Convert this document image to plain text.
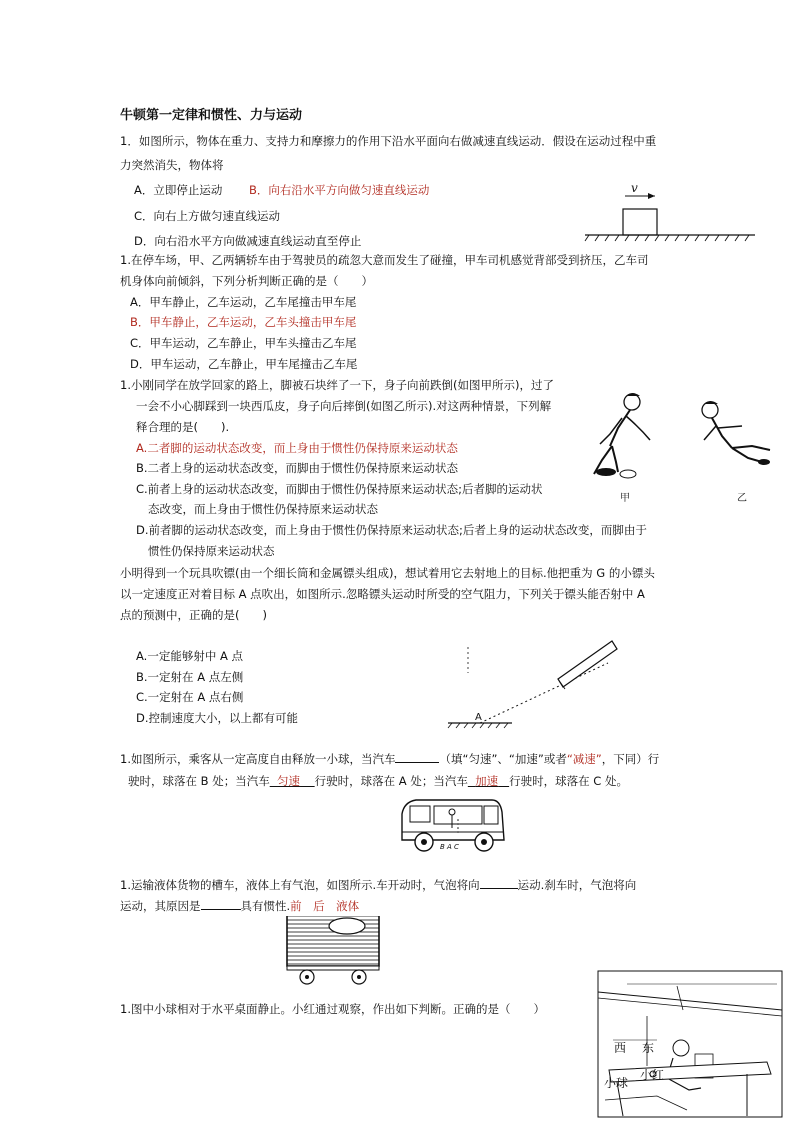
牛顿第一定律和惯性、力与运动
1．如图所示，物体在重力、支持力和摩擦力的作用下沿水平面向右做减速直线运动．假设在运动过程中重
力突然消失，物体将
A．立即停止运动 B．向右沿水平方向做匀速直线运动
C．向右上方做匀速直线运动
D．向右沿水平方向做减速直线运动直至停止
v
1.在停车场，甲、乙两辆轿车由于驾驶员的疏忽大意而发生了碰撞，甲车司机感觉背部受到挤压，乙车司
机身体向前倾斜，下列分析判断正确的是（　　）
A．甲车静止，乙车运动，乙车尾撞击甲车尾
B．甲车静止，乙车运动，乙车头撞击甲车尾
C．甲车运动，乙车静止，甲车头撞击乙车尾
D．甲车运动，乙车静止，甲车尾撞击乙车尾
1.小刚同学在放学回家的路上，脚被石块绊了一下，身子向前跌倒(如图甲所示)，过了
一会不小心脚踩到一块西瓜皮，身子向后摔倒(如图乙所示).对这两种情景，下列解
释合理的是(　　).
A.二者脚的运动状态改变，而上身由于惯性仍保持原来运动状态
B.二者上身的运动状态改变，而脚由于惯性仍保持原来运动状态
C.前者上身的运动状态改变，而脚由于惯性仍保持原来运动状态;后者脚的运动状
态改变，而上身由于惯性仍保持原来运动状态
D.前者脚的运动状态改变，而上身由于惯性仍保持原来运动状态;后者上身的运动状态改变，而脚由于
惯性仍保持原来运动状态
甲	乙
小明得到一个玩具吹镖(由一个细长筒和金属镖头组成)，想试着用它去射地上的目标.他把重为 G 的小镖头
以一定速度正对着目标 A 点吹出，如图所示.忽略镖头运动时所受的空气阻力，下列关于镖头能否射中 A
点的预测中，正确的是(　　)
A.一定能够射中 A 点
B.一定射在 A 点左侧
C.一定射在 A 点右侧
D.控制速度大小，以上都有可能	A
1.如图所示，乘客从一定高度自由释放一小球，当汽车	（填“匀速”、“加速”或者“减速”，下同）行
驶时，球落在 B 处；当汽车 匀速 行驶时，球落在 A 处；当汽车 加速 行驶时，球落在 C 处。
B A C
1.运输液体货物的槽车，液体上有气泡，如图所示.车开动时，气泡将向	运动.刹车时，气泡将向
运动，其原因是	具有惯性.前　后　液体
1.图中小球相对于水平桌面静止。小红通过观察，作出如下判断。正确的是（　　）
西 东
小球
小红
